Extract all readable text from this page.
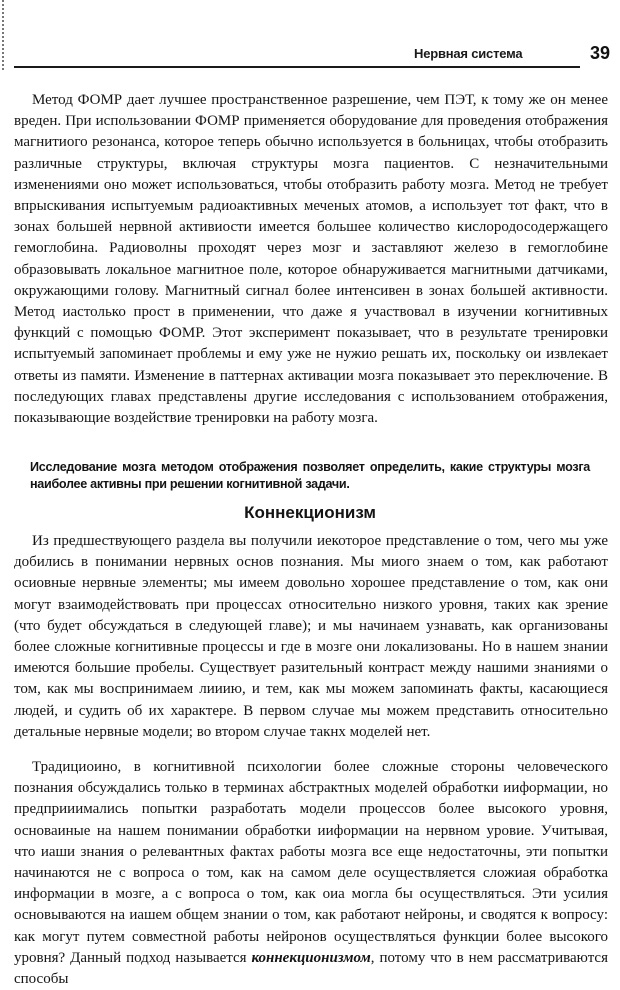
Нервная система	39

Метод ФОМР дает лучшее пространственное разрешение, чем ПЭТ, к тому же он менее вреден. При использовании ФОМР применяется оборудование для проведения отображения магнитиого резонанса, которое теперь обычно используется в больницах, чтобы отобразить различные структуры, включая структуры мозга пациентов. С незначительными изменениями оно может использоваться, чтобы отобразить работу мозга. Метод не требует впрыскивания испытуемым радиоактивных меченых атомов, а использует тот факт, что в зонах большей нервной активиости имеется большее количество кислородосодержащего гемоглобина. Радиоволны проходят через мозг и заставляют железо в гемоглобине образовывать локальное магнитное поле, которое обнаруживается магнитными датчиками, окружающими голову. Магнитный сигнал более интенсивен в зонах большей активности. Метод иастолько прост в применении, что даже я участвовал в изучении когнитивных функций с помощью ФОМР. Этот эксперимент показывает, что в результате тренировки испытуемый запоминает проблемы и ему уже не нужио решать их, поскольку ои извлекает ответы из памяти. Изменение в паттернах активации мозга показывает это переключение. В последующих главах представлены другие исследования с использованием отображения, показывающие воздействие тренировки на работу мозга.

Исследование мозга методом отображения позволяет определить, какие структуры мозга наиболее активны при решении когнитивной задачи.

Коннекционизм

Из предшествующего раздела вы получили иекоторое представление о том, чего мы уже добились в понимании нервных основ познания. Мы миого знаем о том, как работают осиовные нервные элементы; мы имеем довольно хорошее представление о том, как они могут взаимодействовать при процессах относительно низкого уровня, таких как зрение (что будет обсуждаться в следующей главе); и мы начинаем узнавать, как организованы более сложные когнитивные процессы и где в мозге они локализованы. Но в нашем знании имеются большие пробелы. Существует разительный контраст между нашими знаниями о том, как мы воспринимаем лииию, и тем, как мы можем запоминать факты, касающиеся людей, и судить об их характере. В первом случае мы можем представить относительно детальные нервные модели; во втором случае такнх моделей нет.

Традициоино, в когнитивной психологии более сложные стороны человеческого познания обсуждались только в терминах абстрактных моделей обработки ииформации, но предприиимались попытки разработать модели процессов более высокого уровня, основаиные на нашем понимании обработки иифopмации на нервном уровие. Учитывая, что иаши знания о релевантных фактах работы мозга все еще недостаточны, эти попытки начинаются не с вопроса о том, как на самом деле осуществляется сложиая обработка информации в мозге, а с вопроса о том, как оиа могла бы осуществляться. Эти усилия основываются на иашем общем знании о том, как работают нейроны, и сводятся к вопросу: как могут путем совместной работы нейронов осуществляться функции более высокого уровня? Данный подход называется коннекционизмом, потому что в нем рассматриваются способы
